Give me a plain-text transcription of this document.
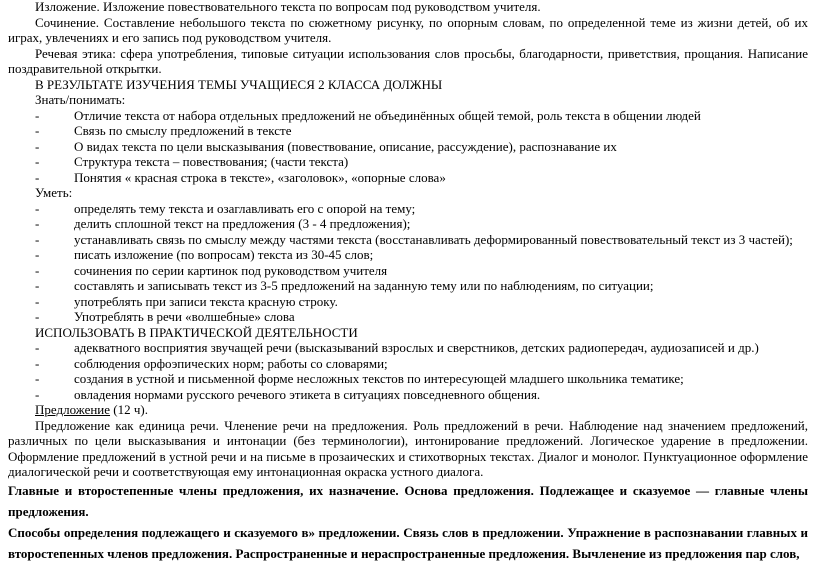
Изложение. Изложение повествовательного текста по вопросам под руководством учителя.

Сочинение. Составление небольшого текста по сюжетному рисунку, по опорным словам, по определенной теме из жизни детей, об их играх, увлечениях и его запись под руководством учителя.

Речевая этика: сфера употребления, типовые ситуации использования слов просьбы, благодарности, приветствия, прощания. Написание поздравительной открытки.

В РЕЗУЛЬТАТЕ ИЗУЧЕНИЯ ТЕМЫ УЧАЩИЕСЯ 2 КЛАССА ДОЛЖНЫ

Знать/понимать:

-	Отличие текста от набора отдельных предложений не объединённых общей темой, роль текста в общении людей

-	Связь по смыслу предложений в тексте

-	О видах текста по цели высказывания (повествование, описание, рассуждение), распознавание их

-	Структура текста – повествования; (части текста)

-	Понятия « красная строка в тексте», «заголовок», «опорные слова»

Уметь:

-	определять тему текста и озаглавливать его с опорой на тему;

-	делить сплошной текст на предложения (3 - 4 предложения);

-	устанавливать связь по смыслу между частями текста (восстанавливать деформированный повествовательный текст из 3 частей);

-	писать изложение (по вопросам) текста из 30-45 слов;

-	сочинения по серии картинок под руководством учителя

-	составлять и записывать текст из 3-5 предложений на заданную тему или по наблюдениям, по ситуации;

-	употреблять при записи текста красную строку.

-	Употреблять в речи «волшебные» слова

ИСПОЛЬЗОВАТЬ В ПРАКТИЧЕСКОЙ ДЕЯТЕЛЬНОСТИ

-	адекватного восприятия звучащей речи (высказываний взрослых и сверстников, детских радиопередач, аудиозаписей и др.)

-	соблюдения орфоэпических норм; работы со словарями;

-	создания в устной и письменной форме несложных текстов по интересующей младшего школьника тематике;

-	овладения нормами русского речевого этикета в ситуациях повседневного общения.

Предложение (12 ч).

Предложение как единица речи. Членение речи на предложения. Роль предложений в речи. Наблюдение над значением предложений, различных по цели высказывания и интонации (без терминологии), интонирование предложений. Логическое ударение в предложении. Оформление предложений в устной речи и на письме в прозаических и стихотворных текстах. Диалог и монолог. Пунктуационное оформление диалогической речи и соответствующая ему интонационная окраска устного диалога.

Главные и второстепенные члены предложения, их назначение. Основа предложения. Подлежащее и сказуемое — главные члены предложения.

Способы определения подлежащего и сказуемого в» предложении. Связь слов в предложении. Упражнение в распознавании главных и второстепенных членов предложения. Распространенные и нераспространенные предложения. Вычленение из предложения пар слов,
